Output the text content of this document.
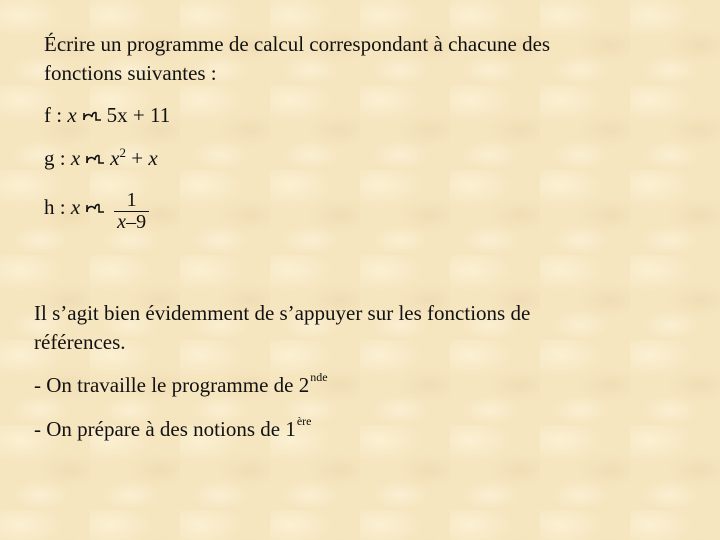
Écrire un programme de calcul correspondant à chacune des
fonctions suivantes :
f : x 5x + 11
g : x $x^2 + x$
h : x $\frac{1}{x-9}$
Il s’agit bien évidemment de s’appuyer sur les fonctions de
références.
- On travaille le programme de 2nde
- On prépare à des notions de 1ère
